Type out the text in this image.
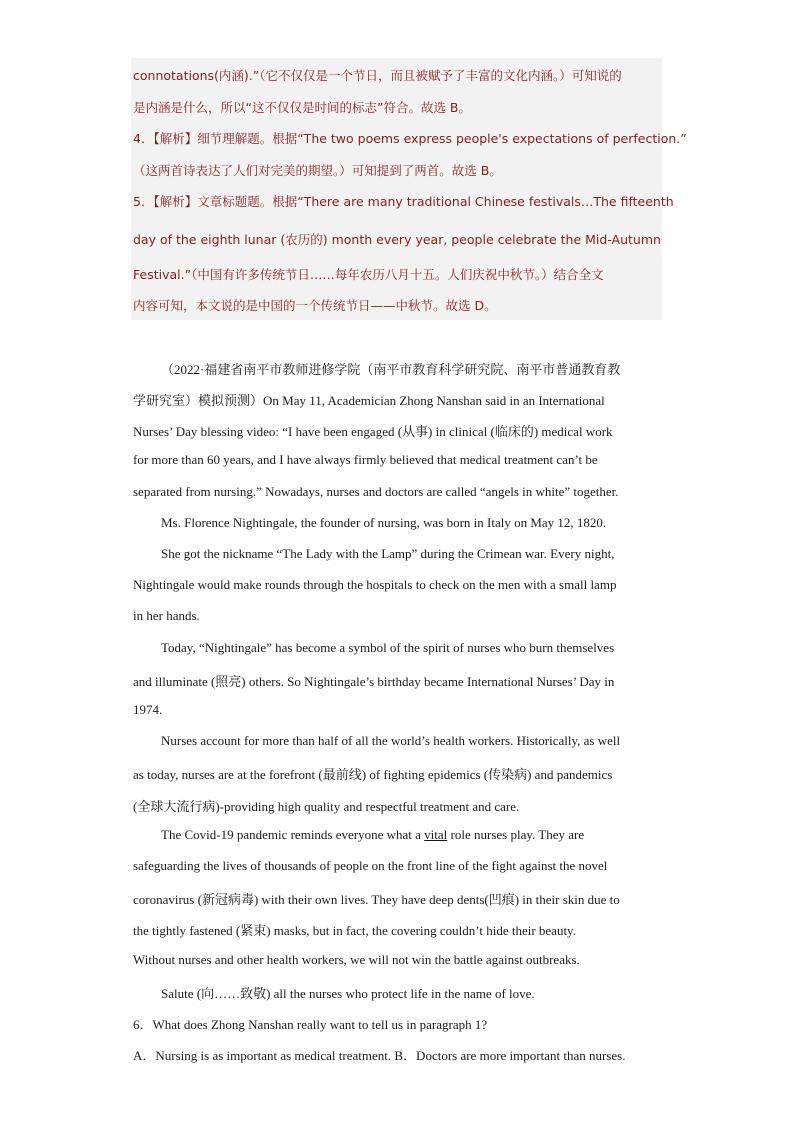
connotations(内涵).”（它不仅仅是一个节日，而且被赋予了丰富的文化内涵。）可知说的
是内涵是什么，所以“这不仅仅是时间的标志”符合。故选 B。
4．【解析】细节理解题。根据“The two poems express people's expectations of perfection.”
（这两首诗表达了人们对完美的期望。）可知提到了两首。故选 B。
5．【解析】文章标题题。根据“There are many traditional Chinese festivals…The fifteenth
day of the eighth lunar (农历的) month every year, people celebrate the Mid-Autumn
Festival.”（中国有许多传统节日……每年农历八月十五。人们庆祝中秋节。）结合全文
内容可知，本文说的是中国的一个传统节日——中秋节。故选 D。
（2022·福建省南平市教师进修学院（南平市教育科学研究院、南平市普通教育教
学研究室）模拟预测）On May 11, Academician Zhong Nanshan said in an International
Nurses’ Day blessing video: “I have been engaged (从事) in clinical (临床的) medical work
for more than 60 years, and I have always firmly believed that medical treatment can’t be
separated from nursing.” Nowadays, nurses and doctors are called “angels in white” together.
Ms. Florence Nightingale, the founder of nursing, was born in Italy on May 12, 1820.
She got the nickname “The Lady with the Lamp” during the Crimean war. Every night,
Nightingale would make rounds through the hospitals to check on the men with a small lamp
in her hands.
Today, “Nightingale” has become a symbol of the spirit of nurses who burn themselves
and illuminate (照亮) others. So Nightingale’s birthday became International Nurses’ Day in
1974.
Nurses account for more than half of all the world’s health workers. Historically, as well
as today, nurses are at the forefront (最前线) of fighting epidemics (传染病) and pandemics
(全球大流行病)-providing high quality and respectful treatment and care.
The Covid-19 pandemic reminds everyone what a vital role nurses play. They are
safeguarding the lives of thousands of people on the front line of the fight against the novel
coronavirus (新冠病毒) with their own lives. They have deep dents(凹痕) in their skin due to
the tightly fastened (紧束) masks, but in fact, the covering couldn’t hide their beauty.
Without nurses and other health workers, we will not win the battle against outbreaks.
Salute (向……致敬) all the nurses who protect life in the name of love.
6．What does Zhong Nanshan really want to tell us in paragraph 1?
A．Nursing is as important as medical treatment. B．Doctors are more important than nurses.
